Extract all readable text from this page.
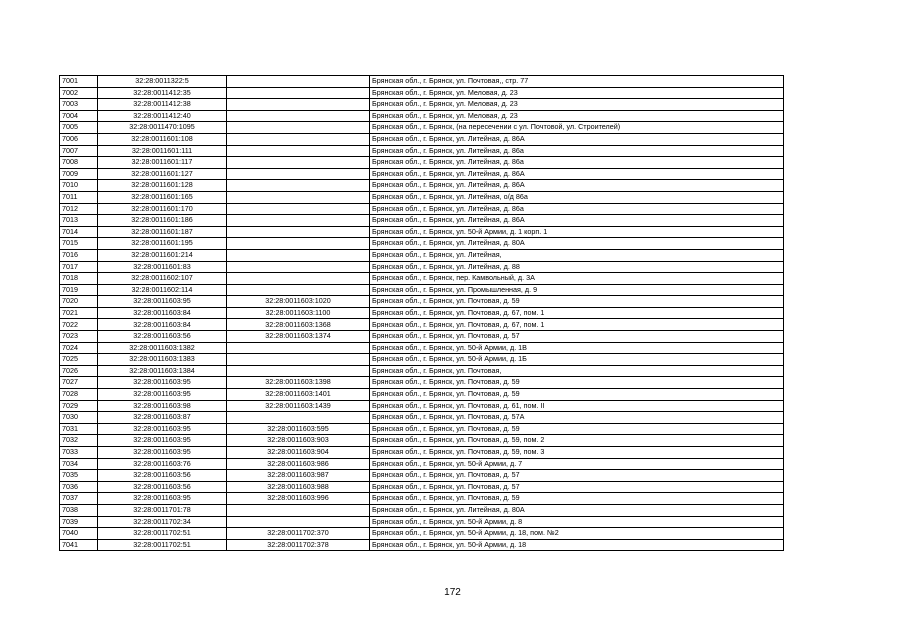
7001	32:28:0011322:5		Брянская обл., г. Брянск, ул. Почтовая,, стр. 77
7002	32:28:0011412:35		Брянская обл., г. Брянск, ул. Меловая, д. 23
7003	32:28:0011412:38		Брянская обл., г. Брянск, ул. Меловая, д. 23
7004	32:28:0011412:40		Брянская обл., г. Брянск, ул. Меловая, д. 23
7005	32:28:0011470:1095		Брянская обл., г. Брянск, (на пересечении с ул. Почтовой, ул. Строителей)
7006	32:28:0011601:108		Брянская обл., г. Брянск, ул. Литейная, д. 86А
7007	32:28:0011601:111		Брянская обл., г. Брянск, ул. Литейная, д. 86а
7008	32:28:0011601:117		Брянская обл., г. Брянск, ул. Литейная, д. 86а
7009	32:28:0011601:127		Брянская обл., г. Брянск, ул. Литейная, д. 86А
7010	32:28:0011601:128		Брянская обл., г. Брянск, ул. Литейная, д. 86А
7011	32:28:0011601:165		Брянская обл., г. Брянск, ул. Литейная, о/д 86а
7012	32:28:0011601:170		Брянская обл., г. Брянск, ул. Литейная, д. 86а
7013	32:28:0011601:186		Брянская обл., г. Брянск, ул. Литейная, д. 86А
7014	32:28:0011601:187		Брянская обл., г. Брянск, ул. 50-й Армии, д. 1 корп. 1
7015	32:28:0011601:195		Брянская обл., г. Брянск, ул. Литейная, д. 80А
7016	32:28:0011601:214		Брянская обл., г. Брянск, ул. Литейная,
7017	32:28:0011601:83		Брянская обл., г. Брянск, ул. Литейная, д. 88
7018	32:28:0011602:107		Брянская обл., г. Брянск, пер. Камвольный, д. 3А
7019	32:28:0011602:114		Брянская обл., г. Брянск, ул. Промышленная, д. 9
7020	32:28:0011603:95	32:28:0011603:1020	Брянская обл., г. Брянск, ул. Почтовая, д. 59
7021	32:28:0011603:84	32:28:0011603:1100	Брянская обл., г. Брянск, ул. Почтовая, д. 67, пом. 1
7022	32:28:0011603:84	32:28:0011603:1368	Брянская обл., г. Брянск, ул. Почтовая, д. 67, пом. 1
7023	32:28:0011603:56	32:28:0011603:1374	Брянская обл., г. Брянск, ул. Почтовая, д. 57
7024	32:28:0011603:1382		Брянская обл., г. Брянск, ул. 50-й Армии, д. 1В
7025	32:28:0011603:1383		Брянская обл., г. Брянск, ул. 50-й Армии, д. 1Б
7026	32:28:0011603:1384		Брянская обл., г. Брянск, ул. Почтовая,
7027	32:28:0011603:95	32:28:0011603:1398	Брянская обл., г. Брянск, ул. Почтовая, д. 59
7028	32:28:0011603:95	32:28:0011603:1401	Брянская обл., г. Брянск, ул. Почтовая, д. 59
7029	32:28:0011603:98	32:28:0011603:1439	Брянская обл., г. Брянск, ул. Почтовая, д. 61, пом. II
7030	32:28:0011603:87		Брянская обл., г. Брянск, ул. Почтовая, д. 57А
7031	32:28:0011603:95	32:28:0011603:595	Брянская обл., г. Брянск, ул. Почтовая, д. 59
7032	32:28:0011603:95	32:28:0011603:903	Брянская обл., г. Брянск, ул. Почтовая, д. 59, пом. 2
7033	32:28:0011603:95	32:28:0011603:904	Брянская обл., г. Брянск, ул. Почтовая, д. 59, пом. 3
7034	32:28:0011603:76	32:28:0011603:986	Брянская обл., г. Брянск, ул. 50-й Армии, д. 7
7035	32:28:0011603:56	32:28:0011603:987	Брянская обл., г. Брянск, ул. Почтовая, д. 57
7036	32:28:0011603:56	32:28:0011603:988	Брянская обл., г. Брянск, ул. Почтовая, д. 57
7037	32:28:0011603:95	32:28:0011603:996	Брянская обл., г. Брянск, ул. Почтовая, д. 59
7038	32:28:0011701:78		Брянская обл., г. Брянск, ул. Литейная, д. 80А
7039	32:28:0011702:34		Брянская обл., г. Брянск, ул. 50-й Армии, д. 8
7040	32:28:0011702:51	32:28:0011702:370	Брянская обл., г. Брянск, ул. 50-й Армии, д. 18, пом. №2
7041	32:28:0011702:51	32:28:0011702:378	Брянская обл., г. Брянск, ул. 50-й Армии, д. 18
172
